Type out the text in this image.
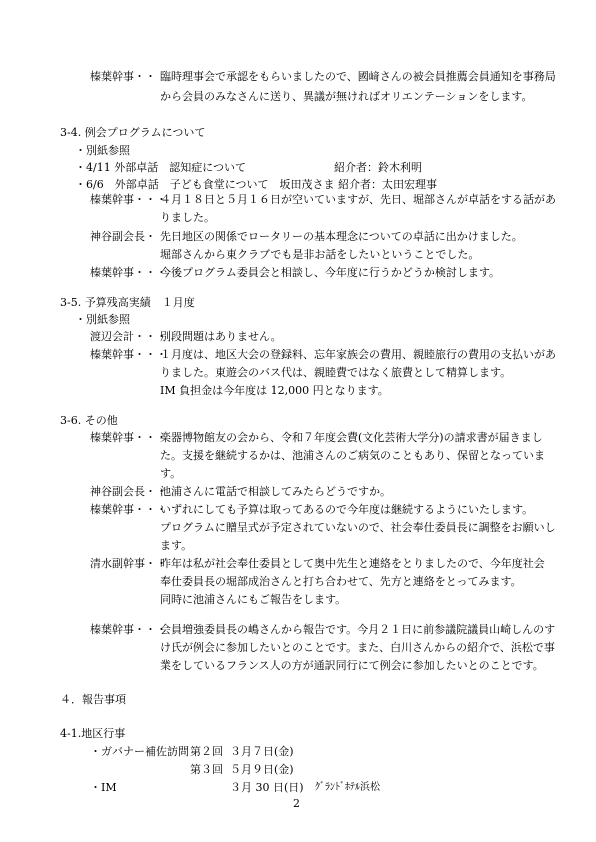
榛葉幹事・・ 臨時理事会で承認をもらいましたので、國﨑さんの被会員推薦会員通知を事務局
から会員のみなさんに送り、異議が無ければオリエンテーションをします。
3-4. 例会プログラムについて
・別紙参照
・4/11 外部卓話　認知症について　　　　　　　　紹介者：鈴木利明
・6/6　外部卓話　子ども食堂について　坂田茂さま 紹介者：太田宏理事
榛葉幹事・・・
４月１８日と５月１６日が空いていますが、先日、堀部さんが卓話をする話があ
りました。
神谷副会長・ 先日地区の関係でロータリーの基本理念についての卓話に出かけました。
堀部さんから東クラブでも是非お話をしたいということでした。
榛葉幹事・・・
今後プログラム委員会と相談し、今年度に行うかどうか検討します。
3-5. 予算残高実績　１月度
・別紙参照
渡辺会計・・・
別段問題はありません。
榛葉幹事・・・
１月度は、地区大会の登録料、忘年家族会の費用、親睦旅行の費用の支払いがあ
りました。東遊会のバス代は、親睦費ではなく旅費として精算します。
IM 負担金は今年度は 12,000 円となります。
3-6. その他
榛葉幹事・・・
楽器博物館友の会から、令和７年度会費(文化芸術大学分)の請求書が届きまし
た。支援を継続するかは、池浦さんのご病気のこともあり、保留となっていま
す。
神谷副会長・・
池浦さんに電話で相談してみたらどうですか。
榛葉幹事・・・
いずれにしても予算は取ってあるので今年度は継続するようにいたします。
プログラムに贈呈式が予定されていないので、社会奉仕委員長に調整をお願いし
ます。
清水副幹事・・
昨年は私が社会奉仕委員として奥中先生と連絡をとりましたので、今年度社会
奉仕委員長の堀部成治さんと打ち合わせて、先方と連絡をとってみます。
同時に池浦さんにもご報告をします。
榛葉幹事・・・
会員増強委員長の嶋さんから報告です。今月２１日に前参議院議員山崎しんのす
け氏が例会に参加したいとのことです。また、白川さんからの紹介で、浜松で事
業をしているフランス人の方が通訳同行にて例会に参加したいとのことです。
４．報告事項
4-1.地区行事
・ガバナー補佐訪問 第２回 ３月７日(金)
第３回 ５月９日(金)
・IM	３月 30 日(日) ｸﾞﾗﾝﾄﾞﾎﾃﾙ浜松
2
